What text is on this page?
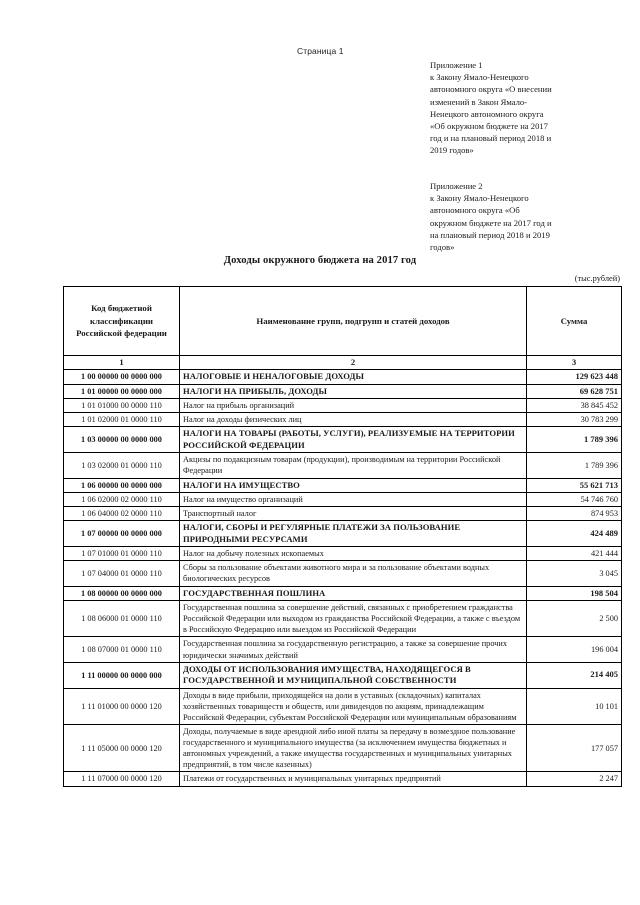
Страница 1

Приложение 1

к Закону Ямало-Ненецкого

автономного округа «О внесении

изменений в Закон Ямало-

Ненецкого автономного округа

«Об окружном бюджете на 2017

год и на плановый период 2018 и

2019 годов»

Приложение 2

к Закону Ямало-Ненецкого

автономного округа «Об

окружном бюджете на 2017 год и

на плановый период 2018 и 2019

годов»

Доходы окружного бюджета на 2017 год
(тыс.рублей)
Код бюджетной классификации Российской федерации	Наименование групп, подгрупп и статей доходов	Сумма
1	2	3
1 00 00000 00 0000 000	НАЛОГОВЫЕ И НЕНАЛОГОВЫЕ ДОХОДЫ	129 623 448
1 01 00000 00 0000 000	НАЛОГИ НА ПРИБЫЛЬ, ДОХОДЫ	69 628 751
1 01 01000 00 0000 110	Налог на прибыль организаций	38 845 452
1 01 02000 01 0000 110	Налог на доходы физических лиц	30 783 299
1 03 00000 00 0000 000	НАЛОГИ НА ТОВАРЫ (РАБОТЫ, УСЛУГИ), РЕАЛИЗУЕМЫЕ НА ТЕРРИТОРИИ РОССИЙСКОЙ ФЕДЕРАЦИИ	1 789 396
1 03 02000 01 0000 110	Акцизы по подакцизным товарам (продукции), производимым на территории Российской Федерации	1 789 396
1 06 00000 00 0000 000	НАЛОГИ НА ИМУЩЕСТВО	55 621 713
1 06 02000 02 0000 110	Налог на имущество организаций	54 746 760
1 06 04000 02 0000 110	Транспортный налог	874 953
1 07 00000 00 0000 000	НАЛОГИ, СБОРЫ И РЕГУЛЯРНЫЕ ПЛАТЕЖИ ЗА ПОЛЬЗОВАНИЕ ПРИРОДНЫМИ РЕСУРСАМИ	424 489
1 07 01000 01 0000 110	Налог на добычу полезных ископаемых	421 444
1 07 04000 01 0000 110	Сборы за пользование объектами животного мира и за пользование объектами водных биологических ресурсов	3 045
1 08 00000 00 0000 000	ГОСУДАРСТВЕННАЯ ПОШЛИНА	198 504
1 08 06000 01 0000 110	Государственная пошлина за совершение действий, связанных с приобретением гражданства Российской Федерации или выходом из гражданства Российской Федерации, а также с въездом в Российскую Федерацию или выездом из Российской Федерации	2 500
1 08 07000 01 0000 110	Государственная пошлина за государственную регистрацию, а также за совершение прочих юридически значимых действий	196 004
1 11 00000 00 0000 000	ДОХОДЫ ОТ ИСПОЛЬЗОВАНИЯ ИМУЩЕСТВА, НАХОДЯЩЕГОСЯ В ГОСУДАРСТВЕННОЙ И МУНИЦИПАЛЬНОЙ СОБСТВЕННОСТИ	214 405
1 11 01000 00 0000 120	Доходы в виде прибыли, приходящейся на доли в уставных (складочных) капиталах хозяйственных товариществ и обществ, или дивидендов по акциям, принадлежащим Российской Федерации, субъектам Российской Федерации или муниципальным образованиям	10 101
1 11 05000 00 0000 120	Доходы, получаемые в виде арендной либо иной платы за передачу в возмездное пользование государственного и муниципального имущества (за исключением имущества бюджетных и автономных учреждений, а также имущества государственных и муниципальных унитарных предприятий, в том числе казенных)	177 057
1 11 07000 00 0000 120	Платежи от государственных и муниципальных унитарных предприятий	2 247
